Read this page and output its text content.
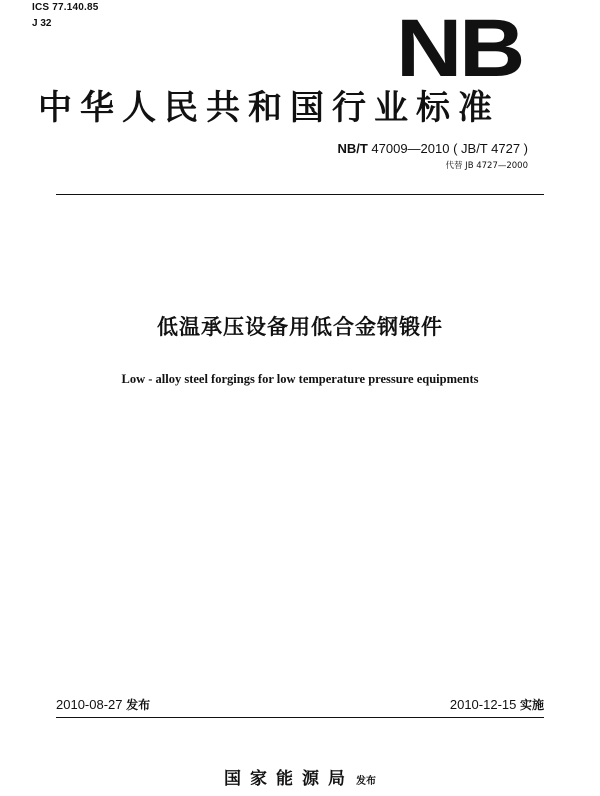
ICS 77.140.85
J 32	NB
中华人民共和国行业标准
NB/T 47009—2010 ( JB/T 4727 )
代替 JB 4727—2000
低温承压设备用低合金钢锻件
Low - alloy steel forgings for low temperature pressure equipments
2010-08-27 发布	2010-12-15 实施
国家能源局 发布
